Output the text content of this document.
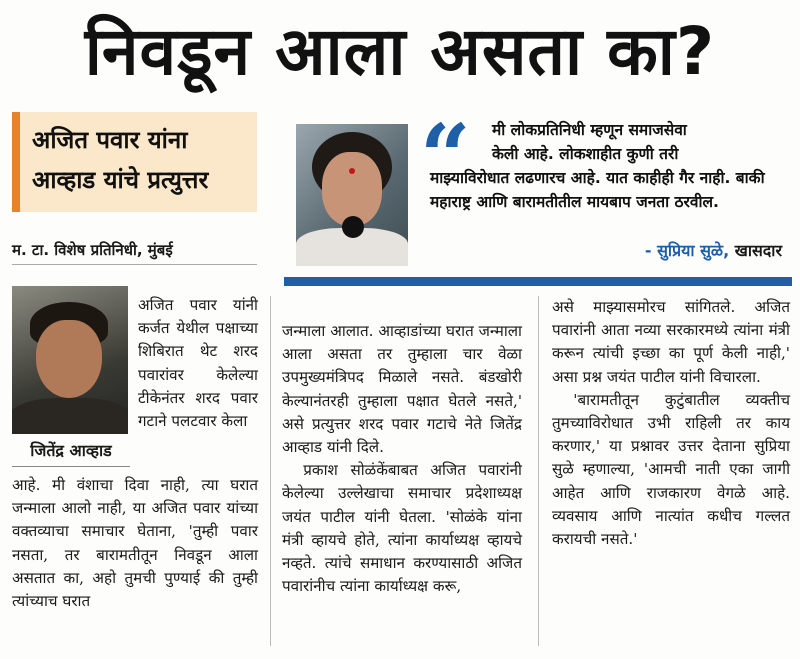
निवडून आला असता का?
अजित पवार यांना
आव्हाड यांचे प्रत्युत्तर
म. टा. विशेष प्रतिनिधी, मुंबई
जितेंद्र आव्हाड
“	मी लोकप्रतिनिधी म्हणून समाजसेवा
केली आहे. लोकशाहीत कुणी तरी
माझ्याविरोधात लढणारच आहे. यात काहीही गैर नाही. बाकी महाराष्ट्र आणि बारामतीतील मायबाप जनता ठरवील.
- सुप्रिया सुळे, खासदार

अजित पवार यांनी कर्जत येथील पक्षाच्या शिबिरात थेट शरद पवारांवर केलेल्या टीकेनंतर शरद पवार गटाने पलटवार केला

आहे. मी वंशाचा दिवा नाही, त्या घरात जन्माला आलो नाही, या अजित पवार यांच्या वक्तव्याचा समाचार घेताना, 'तुम्ही पवार नसता, तर बारामतीतून निवडून आला असतात का, अहो तुमची पुण्याई की तुम्ही त्यांच्याच घरात

जन्माला आलात. आव्हाडांच्या घरात जन्माला आला असता तर तुम्हाला चार वेळा उपमुख्यमंत्रिपद मिळाले नसते. बंडखोरी केल्यानंतरही तुम्हाला पक्षात घेतले नसते,' असे प्रत्युत्तर शरद पवार गटाचे नेते जितेंद्र आव्हाड यांनी दिले.

प्रकाश सोळंकेंबाबत अजित पवारांनी केलेल्या उल्लेखाचा समाचार प्रदेशाध्यक्ष जयंत पाटील यांनी घेतला. 'सोळंके यांना मंत्री व्हायचे होते, त्यांना कार्याध्यक्ष व्हायचे नव्हते. त्यांचे समाधान करण्यासाठी अजित पवारांनीच त्यांना कार्याध्यक्ष करू,

असे माझ्यासमोरच सांगितले. अजित पवारांनी आता नव्या सरकारमध्ये त्यांना मंत्री करून त्यांची इच्छा का पूर्ण केली नाही,' असा प्रश्न जयंत पाटील यांनी विचारला.

'बारामतीतून कुटुंबातील व्यक्तीच तुमच्याविरोधात उभी राहिली तर काय करणार,' या प्रश्नावर उत्तर देताना सुप्रिया सुळे म्हणाल्या, 'आमची नाती एका जागी आहेत आणि राजकारण वेगळे आहे. व्यवसाय आणि नात्यांत कधीच गल्लत करायची नसते.'
